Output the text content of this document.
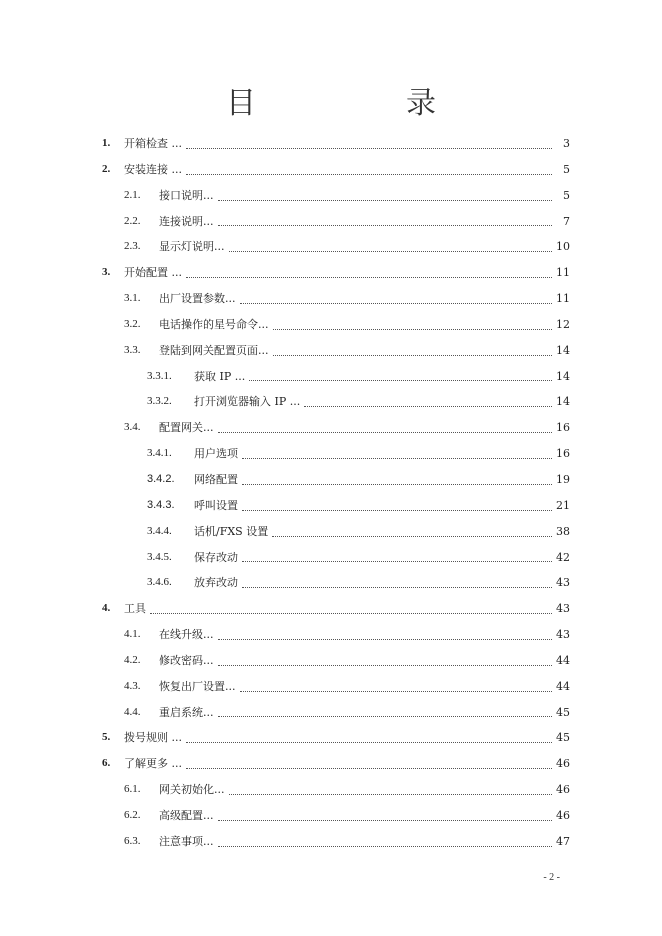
目　录
1. 开箱检查 ...	3
2. 安装连接 ...	5
2.1. 接口说明...	5
2.2. 连接说明...	7
2.3. 显示灯说明...	10
3. 开始配置 ...	11
3.1. 出厂设置参数...	11
3.2. 电话操作的星号命令...	12
3.3. 登陆到网关配置页面...	14
3.3.1. 获取 IP ...	14
3.3.2. 打开浏览器输入 IP ...	14
3.4. 配置网关...	16
3.4.1. 用户选项	16
3.4.2. 网络配置	19
3.4.3. 呼叫设置	21
3.4.4. 话机/FXS 设置	38
3.4.5. 保存改动	42
3.4.6. 放弃改动	43
4. 工具	43
4.1. 在线升级...	43
4.2. 修改密码...	44
4.3. 恢复出厂设置...	44
4.4. 重启系统...	45
5. 拨号规则 ...	45
6. 了解更多 ...	46
6.1. 网关初始化...	46
6.2. 高级配置...	46
6.3. 注意事项...	47
- 2 -
